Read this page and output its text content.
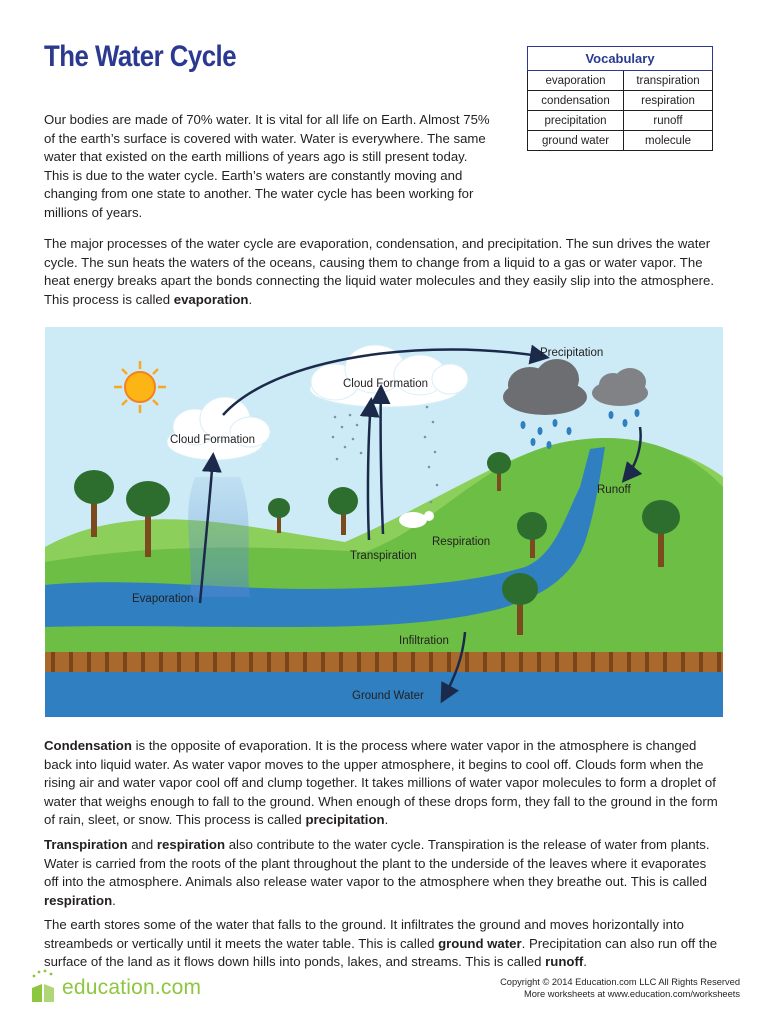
The Water Cycle	Vocabulary	
evaporation	transpiration
condensation	respiration
precipitation	runoff
ground water	molecule

Our bodies are made of 70% water. It is vital for all life on Earth. Almost 75% of the earth’s surface is covered with water. Water is everywhere. The same water that existed on the earth millions of years ago is still present today. This is due to the water cycle. Earth’s waters are constantly moving and changing from one state to another. The water cycle has been working for millions of years.

The major processes of the water cycle are evaporation, condensation, and precipitation. The sun drives the water cycle. The sun heats the waters of the oceans, causing them to change from a liquid to a gas or water vapor. The heat energy breaks apart the bonds connecting the liquid water molecules and they easily slip into the atmosphere. This process is called evaporation.

Cloud Formation
Cloud Formation
Precipitation
Runoff
Transpiration
Respiration
Evaporation
Infiltration
Ground Water

Condensation is the opposite of evaporation. It is the process where water vapor in the atmosphere is changed back into liquid water. As water vapor moves to the upper atmosphere, it begins to cool off. Clouds form when the rising air and water vapor cool off and clump together. It takes millions of water vapor molecules to form a droplet of water that weighs enough to fall to the ground. When enough of these drops form, they fall to the ground in the form of rain, sleet, or snow. This process is called precipitation.

Transpiration and respiration also contribute to the water cycle. Transpiration is the release of water from plants. Water is carried from the roots of the plant throughout the plant to the underside of the leaves where it evaporates off into the atmosphere. Animals also release water vapor to the atmosphere when they breathe out. This is called respiration.

The earth stores some of the water that falls to the ground. It infiltrates the ground and moves horizontally into streambeds or vertically until it meets the water table. This is called ground water. Precipitation can also run off the surface of the land as it flows down hills into ponds, lakes, and streams. This is called runoff.

education.com	Copyright © 2014 Education.com LLC All Rights Reserved
More worksheets at www.education.com/worksheets
